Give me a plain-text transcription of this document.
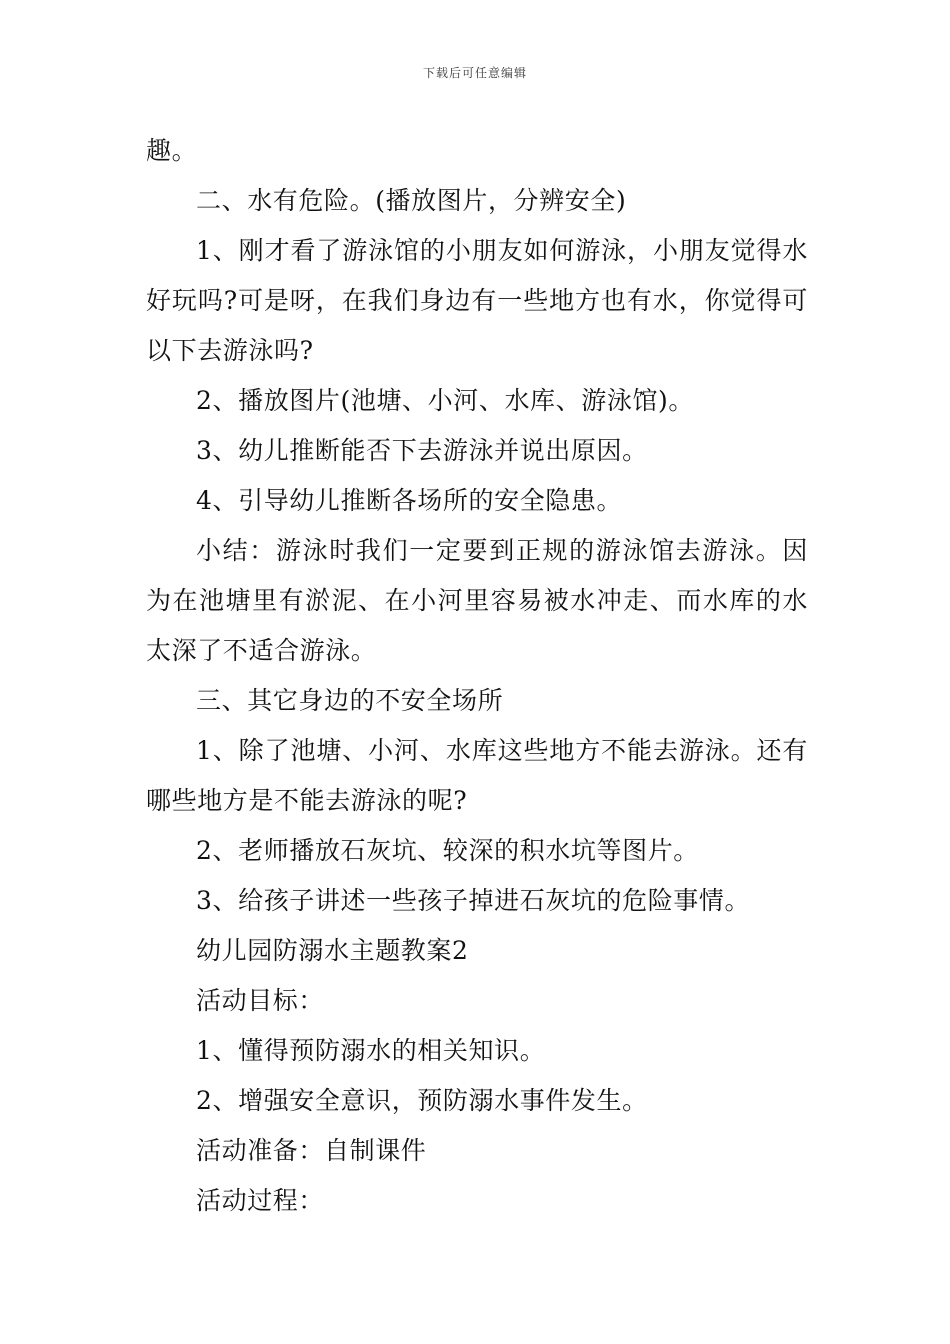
下载后可任意编辑

趣。

二、水有危险。(播放图片，分辨安全)

1、刚才看了游泳馆的小朋友如何游泳，小朋友觉得水好玩吗?可是呀，在我们身边有一些地方也有水，你觉得可以下去游泳吗?

2、播放图片(池塘、小河、水库、游泳馆)。

3、幼儿推断能否下去游泳并说出原因。

4、引导幼儿推断各场所的安全隐患。

小结：游泳时我们一定要到正规的游泳馆去游泳。因为在池塘里有淤泥、在小河里容易被水冲走、而水库的水太深了不适合游泳。

三、其它身边的不安全场所

1、除了池塘、小河、水库这些地方不能去游泳。还有哪些地方是不能去游泳的呢?

2、老师播放石灰坑、较深的积水坑等图片。

3、给孩子讲述一些孩子掉进石灰坑的危险事情。

幼儿园防溺水主题教案2

活动目标：

1、懂得预防溺水的相关知识。

2、增强安全意识，预防溺水事件发生。

活动准备：自制课件

活动过程：
